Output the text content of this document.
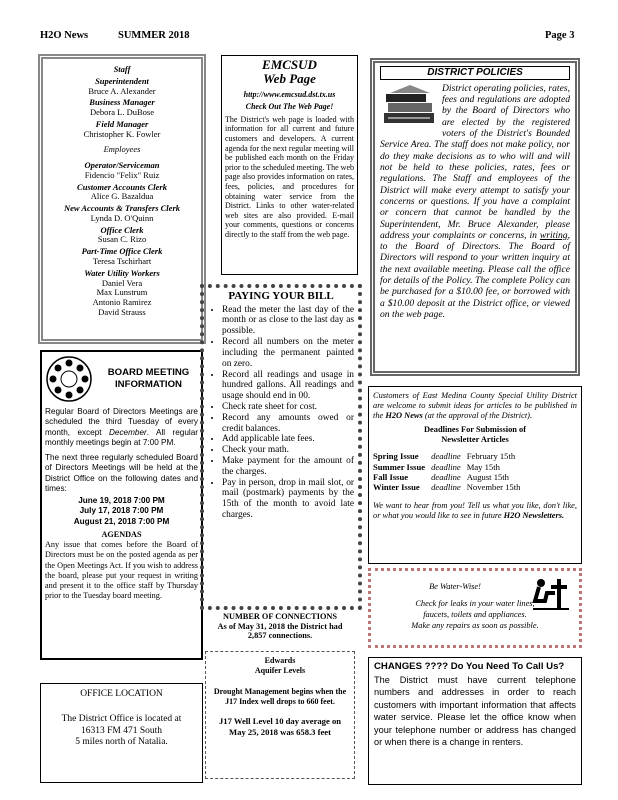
H2O News	SUMMER 2018	Page 3
Staff
Superintendent
Bruce A. Alexander
Business Manager
Debora L. DuBose
Field Manager
Christopher K. Fowler
Employees
Operator/Serviceman
Fidencio "Felix" Ruiz
Customer Accounts Clerk
Alice G. Bazaldua
New Accounts & Transfers Clerk
Lynda D. O'Quinn
Office Clerk
Susan C. Rizo
Part-Time Office Clerk
Teresa Tschirhart
Water Utility Workers
Daniel Vera
Max Lunstrum
Antonio Ramirez
David Strauss
BOARD MEETING
INFORMATION
Regular Board of Directors Meetings are scheduled the third Tuesday of every month, except December. All regular monthly meetings begin at 7:00 PM.
The next three regularly scheduled Board of Directors Meetings will be held at the District Office on the following dates and times:
June 19, 2018 7:00 PM
July 17, 2018 7:00 PM
August 21, 2018 7:00 PM
AGENDAS
Any issue that comes before the Board of Directors must be on the posted agenda as per the Open Meetings Act. If you wish to address the board, please put your request in writing and present it to the office staff by Thursday prior to the Tuesday board meeting.
OFFICE LOCATION
The District Office is located at
16313 FM 471 South
5 miles north of Natalia.
EMCSUD
Web Page
http://www.emcsud.dst.tx.us
Check Out The Web Page!
The District's web page is loaded with information for all current and future customers and developers. A current agenda for the next regular meeting will be published each month on the Friday prior to the scheduled meeting. The web page also provides information on rates, fees, policies, and procedures for obtaining water service from the District. Links to other water-related web sites are also provided. E-mail your comments, questions or concerns directly to the staff from the web page.
PAYING YOUR BILL
• Read the meter the last day of the month or as close to the last day as possible.
• Record all numbers on the meter including the permanent painted on zero.
• Record all readings and usage in hundred gallons. All readings and usage should end in 00.
• Check rate sheet for cost.
• Record any amounts owed or credit balances.
• Add applicable late fees.
• Check your math.
• Make payment for the amount of the charges.
• Pay in person, drop in mail slot, or mail (postmark) payments by the 15th of the month to avoid late charges.
NUMBER OF CONNECTIONS
As of May 31, 2018 the District had
2,857 connections.
Edwards
Aquifer Levels
Drought Management begins when the J17 Index well drops to 660 feet.
J17 Well Level 10 day average on May 25, 2018 was 658.3 feet
DISTRICT POLICIES
District operating policies, rates, fees and regulations are adopted by the Board of Directors who are elected by the registered voters of the District's Bounded Service Area. The staff does not make policy, nor do they make decisions as to who will and will not be held to these policies, rates, fees or regulations. The Staff and employees of the District will make every attempt to satisfy your concerns or questions. If you have a complaint or concern that cannot be handled by the Superintendent, Mr. Bruce Alexander, please address your complaints or concerns, in writing, to the Board of Directors. The Board of Directors will respond to your written inquiry at the next available meeting. Please call the office for details of the Policy. The complete Policy can be purchased for a $10.00 fee, or borrowed with a $10.00 deposit at the District office, or viewed on the web page.
Customers of East Medina County Special Utility District are welcome to submit ideas for articles to be published in the H2O News (at the approval of the District).
Deadlines For Submission of
Newsletter Articles
Spring Issue	deadline	February 15th
Summer Issue	deadline	May 15th
Fall Issue	deadline	August 15th
Winter Issue	deadline	November 15th
We want to hear from you! Tell us what you like, don't like, or what you would like to see in future H2O Newsletters.
Be Water-Wise!
Check for leaks in your water lines,
faucets, toilets and appliances.
Make any repairs as soon as possible.
CHANGES ???? Do You Need To Call Us?
The District must have current telephone numbers and addresses in order to reach customers with important information that affects water service. Please let the office know when your telephone number or address has changed or when there is a change in renters.
